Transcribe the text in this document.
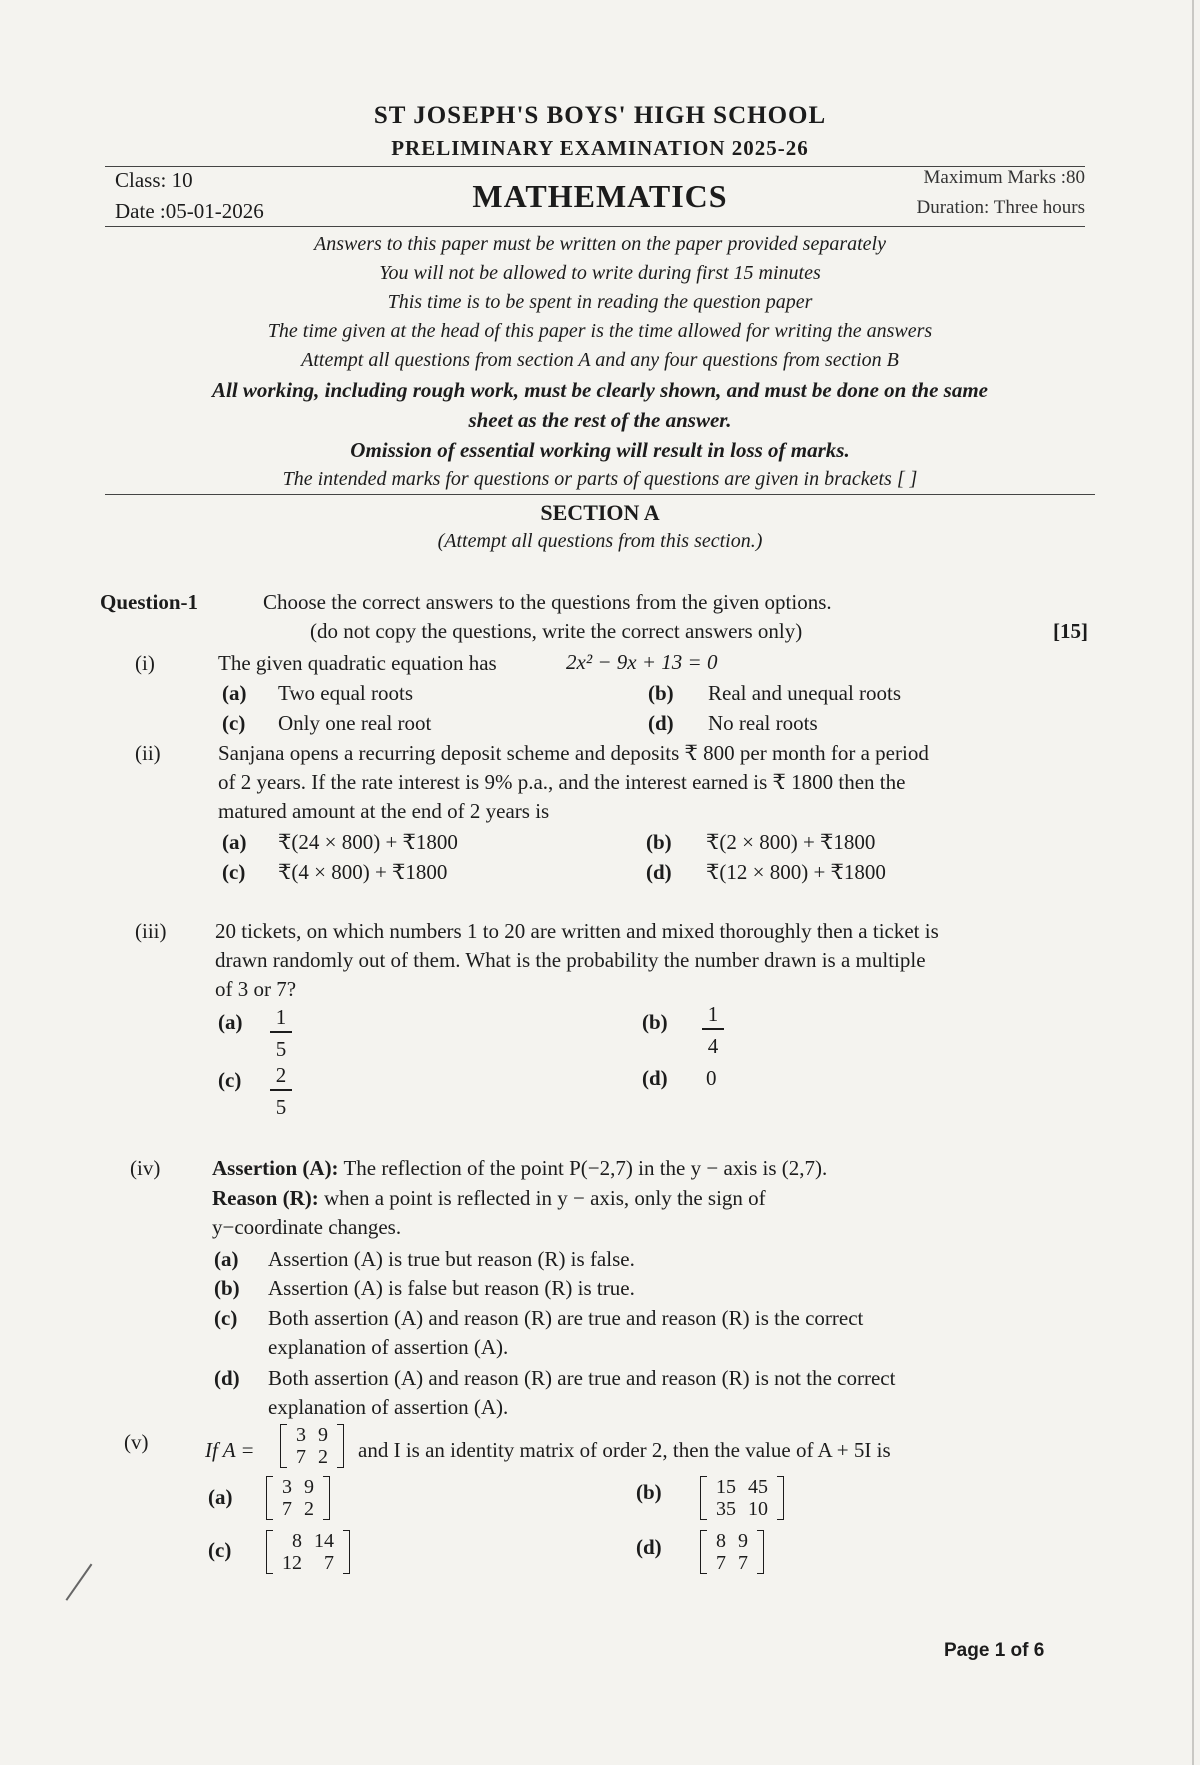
ST JOSEPH'S BOYS' HIGH SCHOOL
PRELIMINARY EXAMINATION 2025-26
Class: 10
Date :05-01-2026	MATHEMATICS
Maximum Marks :80
Duration: Three hours
Answers to this paper must be written on the paper provided separately
You will not be allowed to write during first 15 minutes
This time is to be spent in reading the question paper
The time given at the head of this paper is the time allowed for writing the answers
Attempt all questions from section A and any four questions from section B
All working, including rough work, must be clearly shown, and must be done on the same
sheet as the rest of the answer.
Omission of essential working will result in loss of marks.
The intended marks for questions or parts of questions are given in brackets [ ]
SECTION A
(Attempt all questions from this section.)
Question-1	Choose the correct answers to the questions from the given options.
(do not copy the questions, write the correct answers only)	[15]
(i)	The given quadratic equation has	2x² − 9x + 13 = 0
(a) Two equal roots	(b) Real and unequal roots
(c) Only one real root	(d) No real roots
(ii)	Sanjana opens a recurring deposit scheme and deposits ₹ 800 per month for a period
of 2 years. If the rate interest is 9% p.a., and the interest earned is ₹ 1800 then the
matured amount at the end of 2 years is
(a) ₹(24 × 800) + ₹1800	(b) ₹(2 × 800) + ₹1800
(c) ₹(4 × 800) + ₹1800	(d) ₹(12 × 800) + ₹1800
(iii) 20 tickets, on which numbers 1 to 20 are written and mixed thoroughly then a ticket is
drawn randomly out of them. What is the probability the number drawn is a multiple
of 3 or 7?
(a) 1
5
(b) 1
4
(c) 2
5
(d) 0
(iv) Assertion (A): The reflection of the point P(−2,7) in the y − axis is (2,7).
Reason (R): when a point is reflected in y − axis, only the sign of
y−coordinate changes.
(a) Assertion (A) is true but reason (R) is false.
(b) Assertion (A) is false but reason (R) is true.
(c) Both assertion (A) and reason (R) are true and reason (R) is the correct
explanation of assertion (A).
(d) Both assertion (A) and reason (R) are true and reason (R) is not the correct
explanation of assertion (A).
(v)	If A =
3	9
7	2 and I is an identity matrix of order 2, then the value of A + 5I is
(a) 3	9
7	2
(b)	15	45
35	10
(c)	8	14
12	7
(d)	8	9
7	7
Page 1 of 6
